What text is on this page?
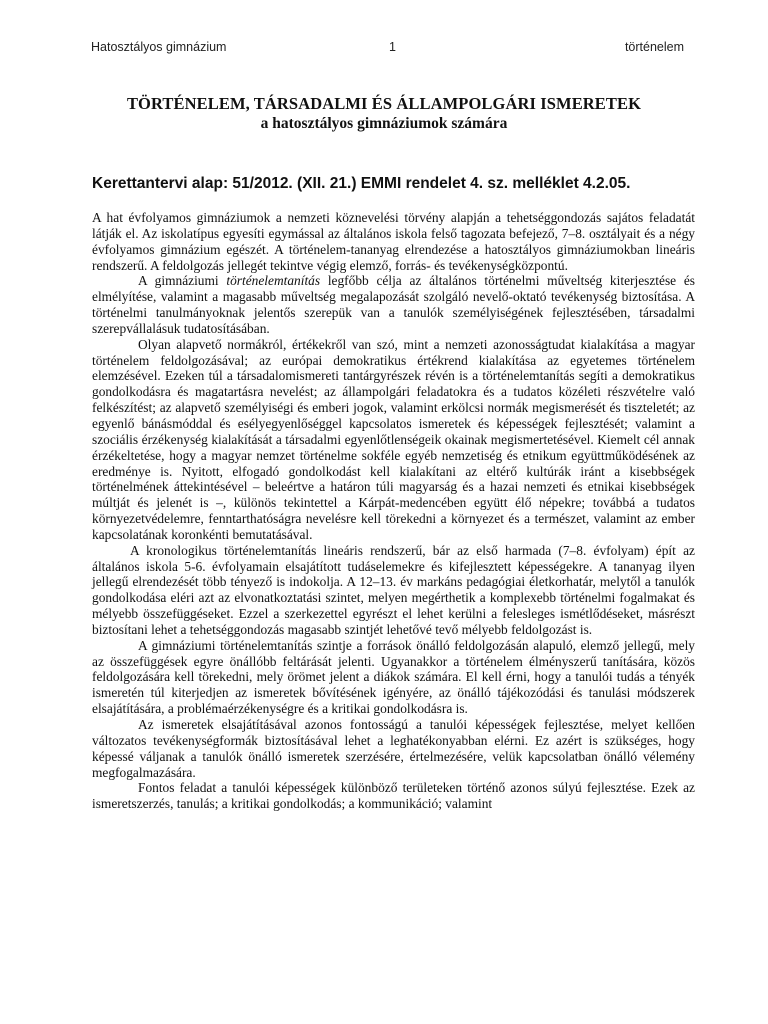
Hatosztályos gimnázium	1	történelem
TÖRTÉNELEM, TÁRSADALMI ÉS ÁLLAMPOLGÁRI ISMERETEK
a hatosztályos gimnáziumok számára
Kerettantervi alap: 51/2012. (XII. 21.) EMMI rendelet 4. sz. melléklet 4.2.05.

A hat évfolyamos gimnáziumok a nemzeti köznevelési törvény alapján a tehetséggondozás sajátos feladatát látják el. Az iskolatípus egyesíti egymással az általános iskola felső tagozata befejező, 7–8. osztályait és a négy évfolyamos gimnázium egészét. A történelem-tananyag elrendezése a hatosztályos gimnáziumokban lineáris rendszerű. A feldolgozás jellegét tekintve végig elemző, forrás- és tevékenységközpontú.

A gimnáziumi történelemtanítás legfőbb célja az általános történelmi műveltség kiterjesztése és elmélyítése, valamint a magasabb műveltség megalapozását szolgáló nevelő-oktató tevékenység biztosítása. A történelmi tanulmányoknak jelentős szerepük van a tanulók személyiségének fejlesztésében, társadalmi szerepvállalásuk tudatosításában.

Olyan alapvető normákról, értékekről van szó, mint a nemzeti azonosságtudat kialakítása a magyar történelem feldolgozásával; az európai demokratikus értékrend kialakítása az egyetemes történelem elemzésével. Ezeken túl a társadalomismereti tantárgyrészek révén is a történelemtanítás segíti a demokratikus gondolkodásra és magatartásra nevelést; az állampolgári feladatokra és a tudatos közéleti részvételre való felkészítést; az alapvető személyiségi és emberi jogok, valamint erkölcsi normák megismerését és tiszteletét; az egyenlő bánásmóddal és esélyegyenlőséggel kapcsolatos ismeretek és képességek fejlesztését; valamint a szociális érzékenység kialakítását a társadalmi egyenlőtlenségeik okainak megismertetésével. Kiemelt cél annak érzékeltetése, hogy a magyar nemzet történelme sokféle egyéb nemzetiség és etnikum együttműködésének az eredménye is. Nyitott, elfogadó gondolkodást kell kialakítani az eltérő kultúrák iránt a kisebbségek történelmének áttekintésével – beleértve a határon túli magyarság és a hazai nemzeti és etnikai kisebbségek múltját és jelenét is –, különös tekintettel a Kárpát-medencében együtt élő népekre; továbbá a tudatos környezetvédelemre, fenntarthatóságra nevelésre kell törekedni a környezet és a természet, valamint az ember kapcsolatának koronkénti bemutatásával.

A kronologikus történelemtanítás lineáris rendszerű, bár az első harmada (7–8. évfolyam) épít az általános iskola 5-6. évfolyamain elsajátított tudáselemekre és kifejlesztett képességekre. A tananyag ilyen jellegű elrendezését több tényező is indokolja. A 12–13. év markáns pedagógiai életkorhatár, melytől a tanulók gondolkodása eléri azt az elvonatkoztatási szintet, melyen megérthetik a komplexebb történelmi fogalmakat és mélyebb összefüggéseket. Ezzel a szerkezettel egyrészt el lehet kerülni a felesleges ismétlődéseket, másrészt biztosítani lehet a tehetséggondozás magasabb szintjét lehetővé tevő mélyebb feldolgozást is.

A gimnáziumi történelemtanítás szintje a források önálló feldolgozásán alapuló, elemző jellegű, mely az összefüggések egyre önállóbb feltárását jelenti. Ugyanakkor a történelem élményszerű tanítására, közös feldolgozására kell törekedni, mely örömet jelent a diákok számára. El kell érni, hogy a tanulói tudás a tényék ismeretén túl kiterjedjen az ismeretek bővítésének igényére, az önálló tájékozódási és tanulási módszerek elsajátítására, a problémaérzékenységre és a kritikai gondolkodásra is.

Az ismeretek elsajátításával azonos fontosságú a tanulói képességek fejlesztése, melyet kellően változatos tevékenységformák biztosításával lehet a leghatékonyabban elérni. Ez azért is szükséges, hogy képessé váljanak a tanulók önálló ismeretek szerzésére, értelmezésére, velük kapcsolatban önálló vélemény megfogalmazására.

Fontos feladat a tanulói képességek különböző területeken történő azonos súlyú fejlesztése. Ezek az ismeretszerzés, tanulás; a kritikai gondolkodás; a kommunikáció; valamint
